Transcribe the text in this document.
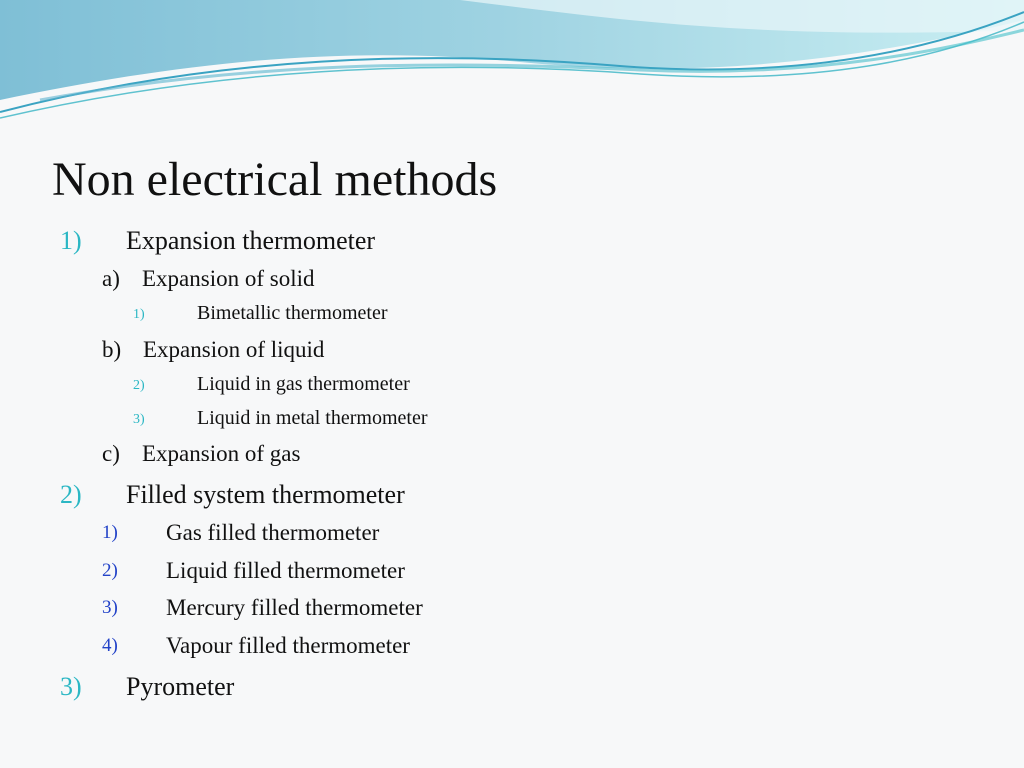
Non electrical methods
1) Expansion thermometer
a) Expansion of solid
1)	Bimetallic thermometer
b) Expansion of liquid
2)	Liquid in gas thermometer
3)	Liquid in metal thermometer
c) Expansion of gas
2) Filled system thermometer
1) Gas filled thermometer
2) Liquid filled thermometer
3) Mercury filled thermometer
4) Vapour filled thermometer
3) Pyrometer
